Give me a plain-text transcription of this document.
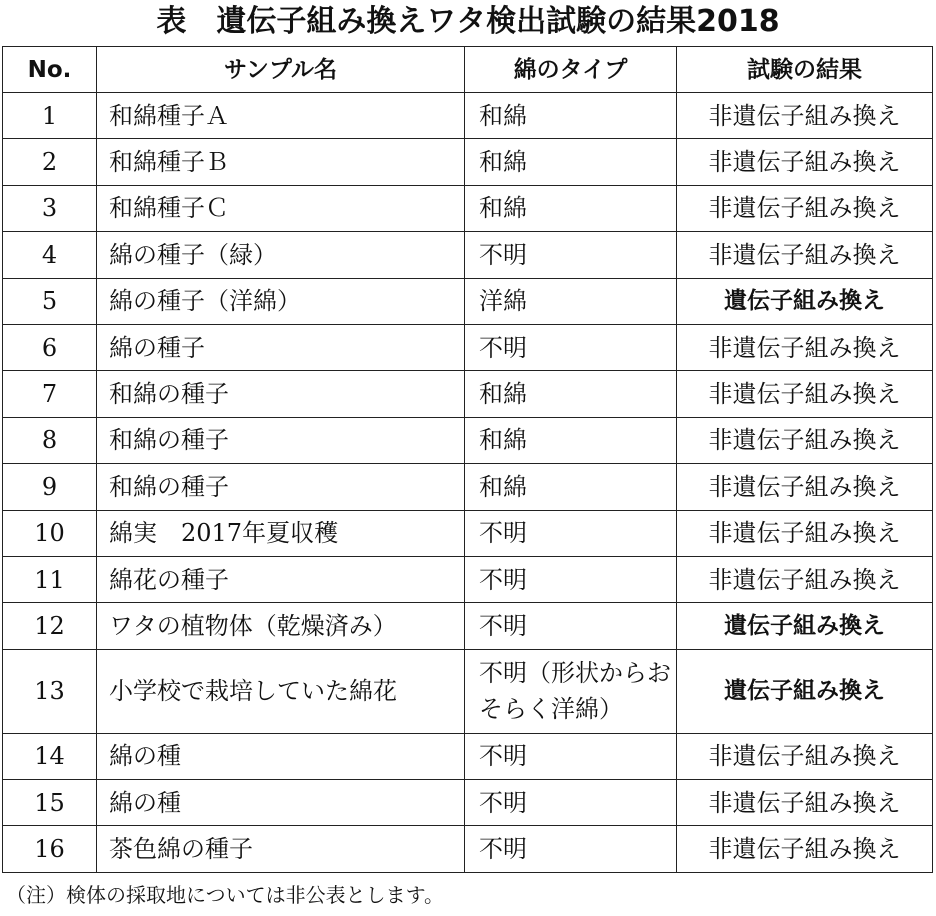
表 遺伝子組み換えワタ検出試験の結果2018
No.	サンプル名	綿のタイプ	試験の結果
1	和綿種子Ａ	和綿	非遺伝子組み換え
2	和綿種子Ｂ	和綿	非遺伝子組み換え
3	和綿種子Ｃ	和綿	非遺伝子組み換え
4	綿の種子（緑）	不明	非遺伝子組み換え
5	綿の種子（洋綿）	洋綿	遺伝子組み換え
6	綿の種子	不明	非遺伝子組み換え
7	和綿の種子	和綿	非遺伝子組み換え
8	和綿の種子	和綿	非遺伝子組み換え
9	和綿の種子	和綿	非遺伝子組み換え
10	綿実　2017年夏収穫	不明	非遺伝子組み換え
11	綿花の種子	不明	非遺伝子組み換え
12	ワタの植物体（乾燥済み）	不明	遺伝子組み換え
13	小学校で栽培していた綿花	不明（形状からおそらく洋綿）	遺伝子組み換え
14	綿の種	不明	非遺伝子組み換え
15	綿の種	不明	非遺伝子組み換え
16	茶色綿の種子	不明	非遺伝子組み換え
（注）検体の採取地については非公表とします。
